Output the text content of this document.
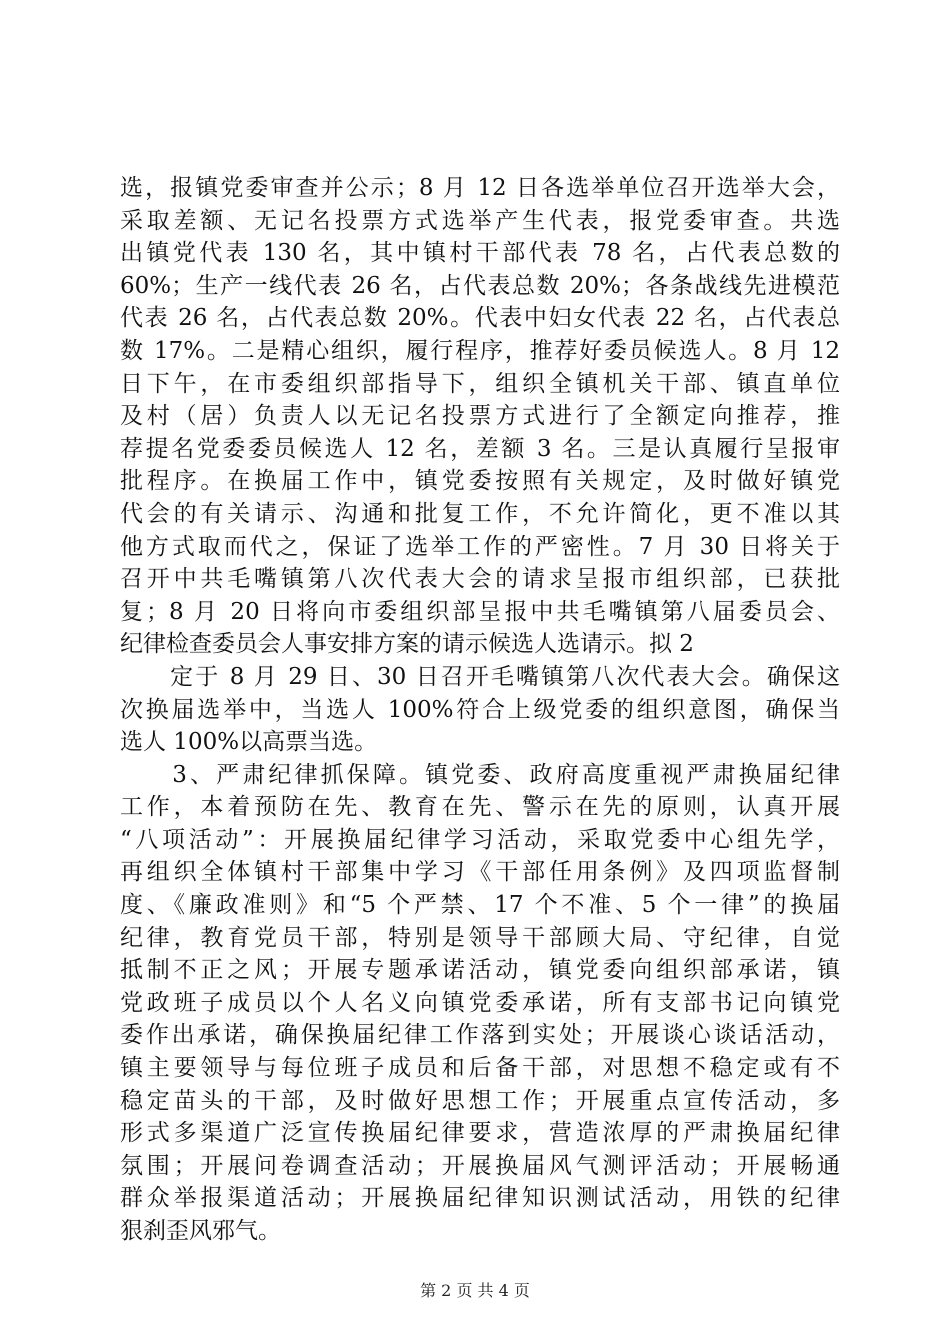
选，报镇党委审查并公示；8 月 12 日各选举单位召开选举大会，
采取差额、无记名投票方式选举产生代表，报党委审查。共选
出镇党代表 130 名，其中镇村干部代表 78 名，占代表总数的
60%；生产一线代表 26 名，占代表总数 20%；各条战线先进模范
代表 26 名，占代表总数 20%。代表中妇女代表 22 名，占代表总
数 17%。二是精心组织，履行程序，推荐好委员候选人。8 月 12
日下午，在市委组织部指导下，组织全镇机关干部、镇直单位
及村（居）负责人以无记名投票方式进行了全额定向推荐，推
荐提名党委委员候选人 12 名，差额 3 名。三是认真履行呈报审
批程序。在换届工作中，镇党委按照有关规定，及时做好镇党
代会的有关请示、沟通和批复工作，不允许简化，更不准以其
他方式取而代之，保证了选举工作的严密性。7 月 30 日将关于
召开中共毛嘴镇第八次代表大会的请求呈报市组织部，已获批
复；8 月 20 日将向市委组织部呈报中共毛嘴镇第八届委员会、
纪律检查委员会人事安排方案的请示候选人选请示。拟 2
　　定于 8 月 29 日、30 日召开毛嘴镇第八次代表大会。确保这
次换届选举中，当选人 100%符合上级党委的组织意图，确保当
选人 100%以高票当选。
　　3、严肃纪律抓保障。镇党委、政府高度重视严肃换届纪律
工作，本着预防在先、教育在先、警示在先的原则，认真开展
“八项活动”：开展换届纪律学习活动，采取党委中心组先学，
再组织全体镇村干部集中学习《干部任用条例》及四项监督制
度、《廉政准则》和“5 个严禁、17 个不准、5 个一律”的换届
纪律，教育党员干部，特别是领导干部顾大局、守纪律，自觉
抵制不正之风；开展专题承诺活动，镇党委向组织部承诺，镇
党政班子成员以个人名义向镇党委承诺，所有支部书记向镇党
委作出承诺，确保换届纪律工作落到实处；开展谈心谈话活动，
镇主要领导与每位班子成员和后备干部，对思想不稳定或有不
稳定苗头的干部，及时做好思想工作；开展重点宣传活动，多
形式多渠道广泛宣传换届纪律要求，营造浓厚的严肃换届纪律
氛围；开展问卷调查活动；开展换届风气测评活动；开展畅通
群众举报渠道活动；开展换届纪律知识测试活动，用铁的纪律
狠刹歪风邪气。
第 2 页 共 4 页
